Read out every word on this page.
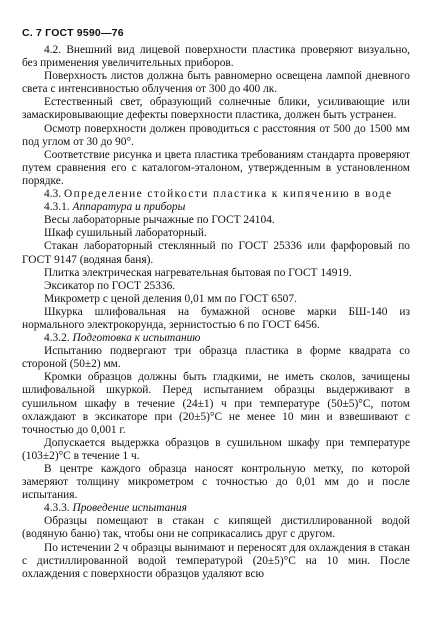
С. 7 ГОСТ 9590—76

4.2. Внешний вид лицевой поверхности пластика проверяют визуально, без применения увеличительных приборов.

Поверхность листов должна быть равномерно освещена лампой дневного света с интенсивностью облучения от 300 до 400 лк.

Естественный свет, образующий солнечные блики, усиливающие или замаскировывающие дефекты поверхности пластика, должен быть устранен.

Осмотр поверхности должен проводиться с расстояния от 500 до 1500 мм под углом от 30 до 90°.

Соответствие рисунка и цвета пластика требованиям стандарта проверяют путем сравнения его с каталогом-эталоном, утвержденным в установленном порядке.

4.3. Определение стойкости пластика к кипячению в воде

4.3.1. Аппаратура и приборы

Весы лабораторные рычажные по ГОСТ 24104.

Шкаф сушильный лабораторный.

Стакан лабораторный стеклянный по ГОСТ 25336 или фарфоровый по ГОСТ 9147 (водяная баня).

Плитка электрическая нагревательная бытовая по ГОСТ 14919.

Эксикатор по ГОСТ 25336.

Микрометр с ценой деления 0,01 мм по ГОСТ 6507.

Шкурка шлифовальная на бумажной основе марки БШ-140 из нормального электрокорунда, зернистостью 6 по ГОСТ 6456.

4.3.2. Подготовка к испытанию

Испытанию подвергают три образца пластика в форме квадрата со стороной (50±2) мм.

Кромки образцов должны быть гладкими, не иметь сколов, зачищены шлифовальной шкуркой. Перед испытанием образцы выдерживают в сушильном шкафу в течение (24±1) ч при температуре (50±5)°С, потом охлаждают в эксикаторе при (20±5)°С не менее 10 мин и взвешивают с точностью до 0,001 г.

Допускается выдержка образцов в сушильном шкафу при температуре (103±2)°С в течение 1 ч.

В центре каждого образца наносят контрольную метку, по которой замеряют толщину микрометром с точностью до 0,01 мм до и после испытания.

4.3.3. Проведение испытания

Образцы помещают в стакан с кипящей дистиллированной водой (водяную баню) так, чтобы они не соприкасались друг с другом.

По истечении 2 ч образцы вынимают и переносят для охлаждения в стакан с дистиллированной водой температурой (20±5)°С на 10 мин. После охлаждения с поверхности образцов удаляют всю
